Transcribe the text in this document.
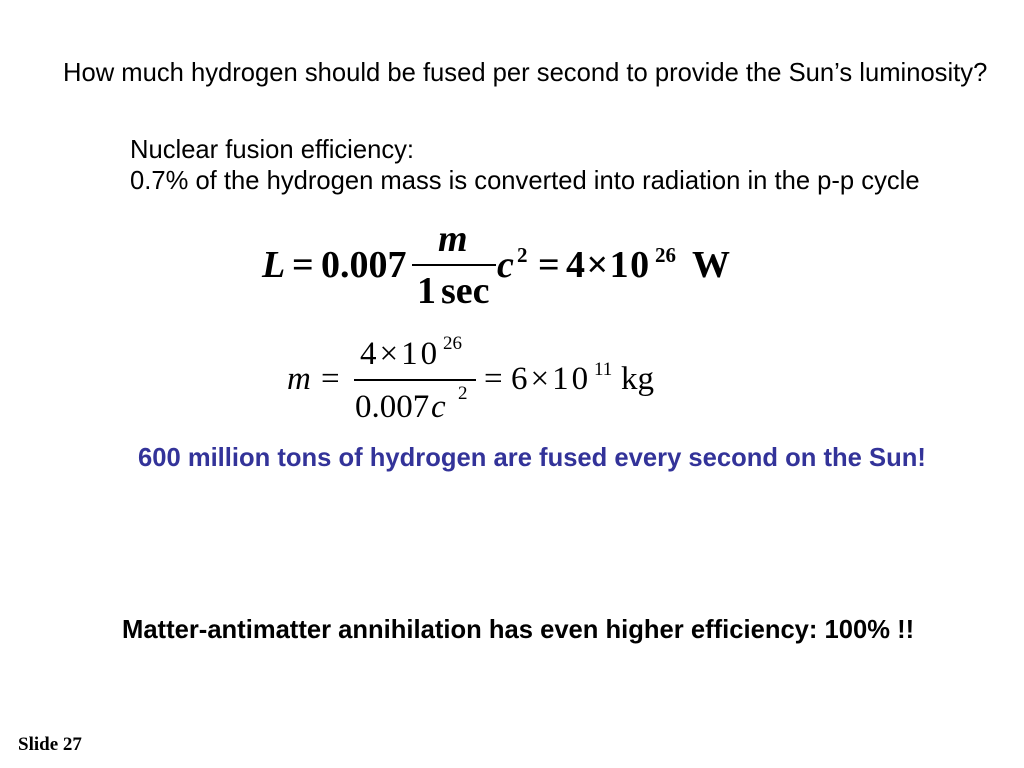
How much hydrogen should be fused per second to provide the Sun’s luminosity?
Nuclear fusion efficiency:
0.7% of the hydrogen mass is converted into radiation in the p-p cycle
L = 0.007
m
1 sec
c 2 = 4×10 26 W
m =
4×10 26
0.007 c 2 = 6×10 11 kg
600 million tons of hydrogen are fused every second on the Sun!
Matter-antimatter annihilation has even higher efficiency: 100% !!
Slide 27
